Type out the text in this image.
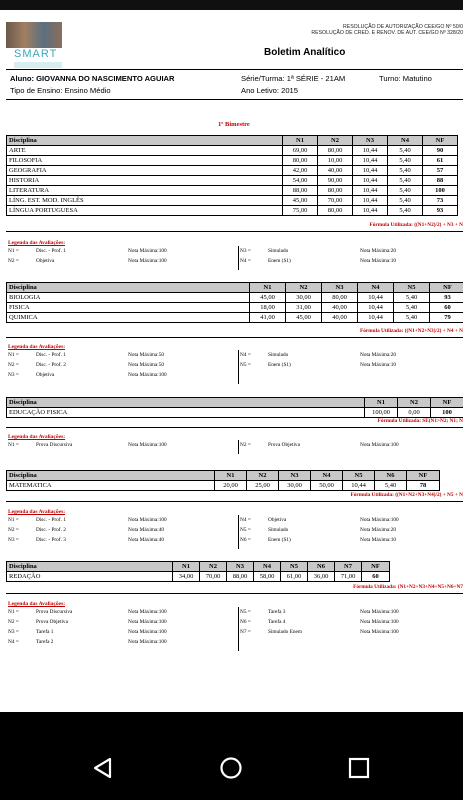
SMART
RESOLUÇÃO DE AUTORIZAÇÃO CEE/GO Nº 50/0
RESOLUÇÃO DE CRED. E RENOV. DE AUT. CEE/GO Nº 328/20
Boletim Analítico
Aluno: GIOVANNA DO NASCIMENTO AGUIAR	Série/Turma: 1ª SÉRIE - 21AM	Turno: Matutino
Tipo de Ensino: Ensino Médio	Ano Letivo: 2015
1º Bimestre
Disciplina	N1	N2	N3	N4	NF
ARTE	69,00	80,00	10,44	5,40	90
FILOSOFIA	80,00	10,00	10,44	5,40	61
GEOGRAFIA	42,00	40,00	10,44	5,40	57
HISTORIA	54,00	90,00	10,44	5,40	88
LITERATURA	88,00	80,00	10,44	5,40	100
LÍNG. EST. MOD. INGLÊS	45,00	70,00	10,44	5,40	73
LÍNGUA PORTUGUESA	75,00	80,00	10,44	5,40	93
Fórmula Utilizada: ((N1+N2)/2) + N3 + N
Legenda das Avaliações:
N1 =	Disc. - Prof. 1	Nota Máxima:100
N2 =	Objetiva	Nota Máxima:100
N3 =	Simulado	Nota Máxima:20
N4 =	Enem (S1)	Nota Máxima:10
Disciplina	N1	N2	N3	N4	N5	NF
BIOLOGIA	45,00	30,00	80,00	10,44	5,40	93
FISICA	18,00	31,00	40,00	10,44	5,40	60
QUIMICA	41,00	45,00	40,00	10,44	5,40	79
Fórmula Utilizada: ((N1+N2+N3)/2) + N4 + N
Legenda das Avaliações:
N1 =	Disc. - Prof. 1	Nota Máxima:50
N2 =	Disc. - Prof. 2	Nota Máxima:50
N3 =	Objetiva	Nota Máxima:100
N4 =	Simulado	Nota Máxima:20
N5 =	Enem (S1)	Nota Máxima:10
Disciplina	N1	N2	NF
EDUCAÇÃO FISICA	100,00	0,00	100
Fórmula Utilizada: SE(N1>N2; N1; N
Legenda das Avaliações:
N1 =	Prova Discursiva	Nota Máxima:100	N2 =	Prova Objetiva	Nota Máxima:100
Disciplina	N1	N2	N3	N4	N5	N6	NF
MATEMATICA	20,00	25,00	30,00	50,00	10,44	5,40	78
Fórmula Utilizada: ((N1+N2+N3+N4)/2) + N5 + N
Legenda das Avaliações:
N1 =	Disc. - Prof. 1	Nota Máxima:100
N2 =	Disc. - Prof. 2	Nota Máxima:40
N3 =	Disc. - Prof. 3	Nota Máxima:40
N4 =	Objetiva	Nota Máxima:100
N5 =	Simulado	Nota Máxima:20
N6 =	Enem (S1)	Nota Máxima:10
Disciplina	N1	N2	N3	N4	N5	N6	N7	NF
REDAÇÃO	34,00	70,00	88,00	58,00	61,00	36,00	71,00	60
Fórmula Utilizada: (N1+N2+N3+N4+N5+N6+N7
Legenda das Avaliações:
N1 =	Prova Discursiva	Nota Máxima:100
N2 =	Prova Objetiva	Nota Máxima:100
N3 =	Tarefa 1	Nota Máxima:100
N4 =	Tarefa 2	Nota Máxima:100
N5 =	Tarefa 3	Nota Máxima:100
N6 =	Tarefa 4	Nota Máxima:100
N7 =	Simulado Enem	Nota Máxima:100
